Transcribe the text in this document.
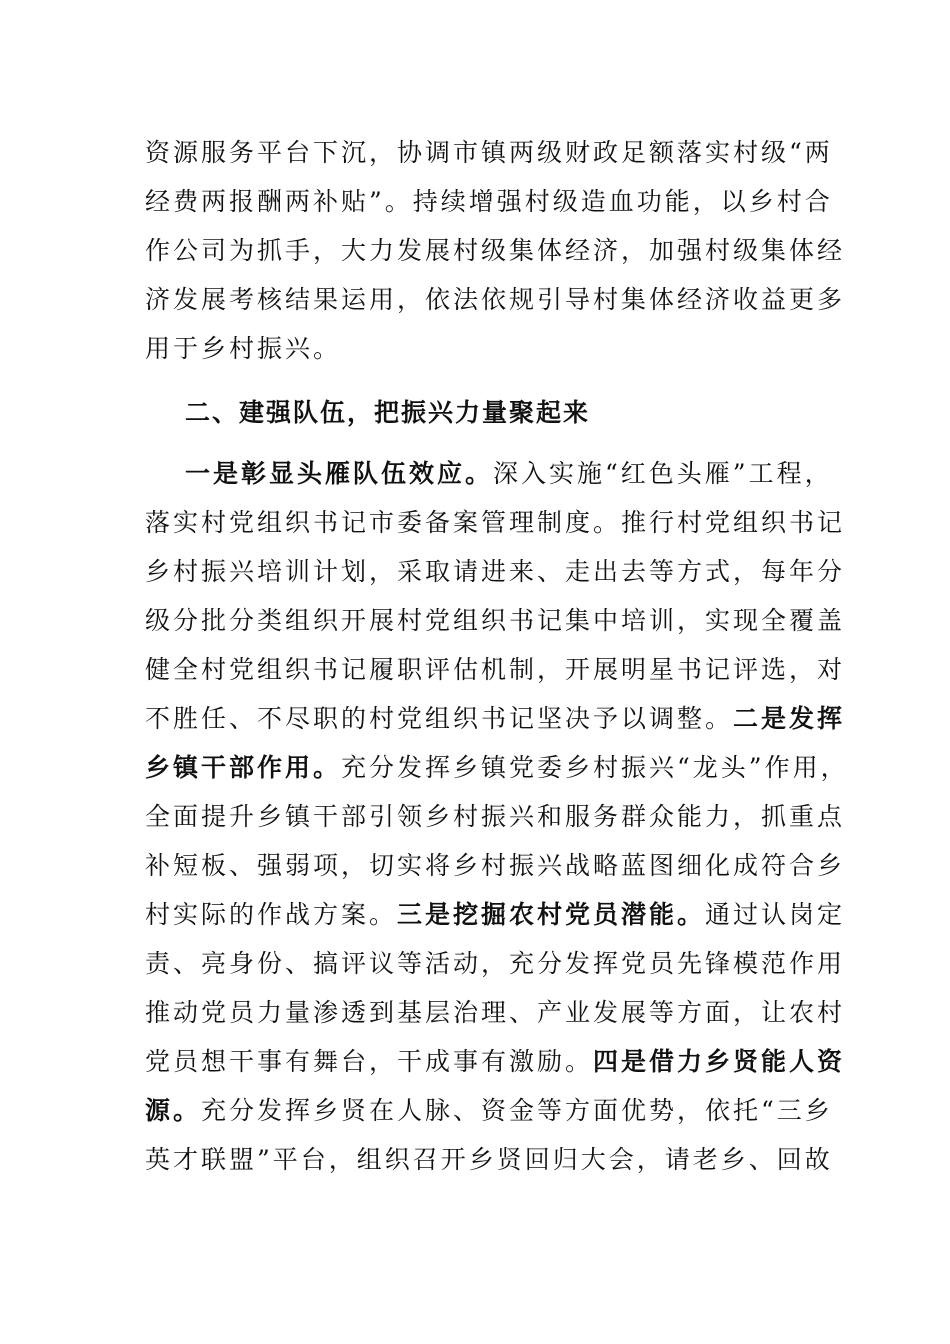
资源服务平台下沉，协调市镇两级财政足额落实村级“两
经费两报酬两补贴”。持续增强村级造血功能，以乡村合
作公司为抓手，大力发展村级集体经济，加强村级集体经
济发展考核结果运用，依法依规引导村集体经济收益更多
用于乡村振兴。
二、建强队伍，把振兴力量聚起来
一是彰显头雁队伍效应。深入实施“红色头雁”工程，
落实村党组织书记市委备案管理制度。推行村党组织书记
乡村振兴培训计划，采取请进来、走出去等方式，每年分
级分批分类组织开展村党组织书记集中培训，实现全覆盖
健全村党组织书记履职评估机制，开展明星书记评选，对
不胜任、不尽职的村党组织书记坚决予以调整。二是发挥
乡镇干部作用。充分发挥乡镇党委乡村振兴“龙头”作用，
全面提升乡镇干部引领乡村振兴和服务群众能力，抓重点
补短板、强弱项，切实将乡村振兴战略蓝图细化成符合乡
村实际的作战方案。三是挖掘农村党员潜能。通过认岗定
责、亮身份、搞评议等活动，充分发挥党员先锋模范作用
推动党员力量渗透到基层治理、产业发展等方面，让农村
党员想干事有舞台，干成事有激励。四是借力乡贤能人资
源。充分发挥乡贤在人脉、资金等方面优势，依托“三乡
英才联盟”平台，组织召开乡贤回归大会，请老乡、回故
